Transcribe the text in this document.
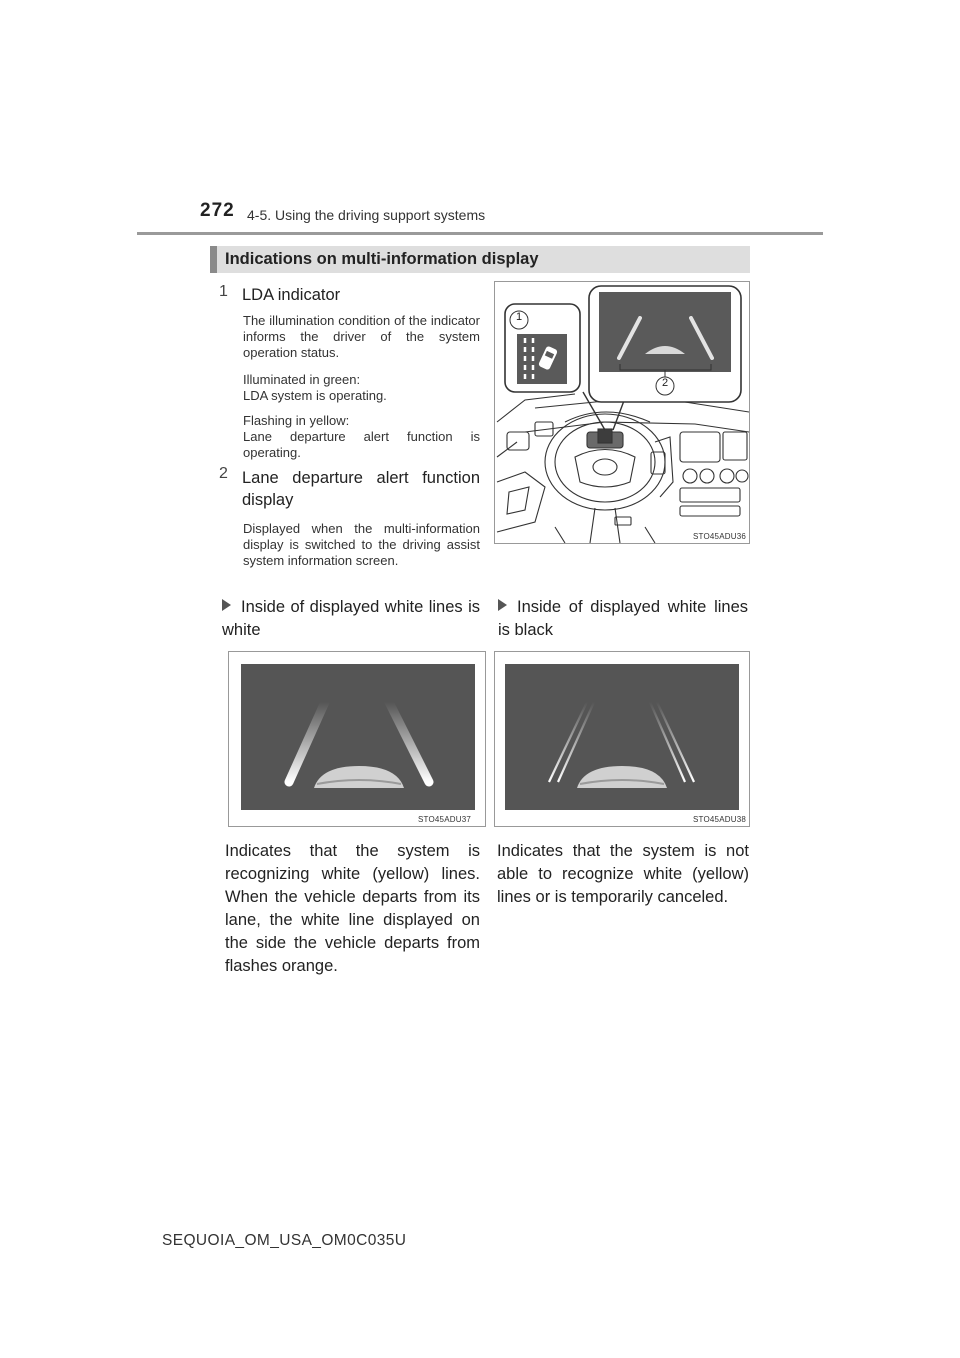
272 4-5. Using the driving support systems
Indications on multi-information display
1 LDA indicator
The illumination condition of the indicator informs the driver of the system operation status.
Illuminated in green:
LDA system is operating.
Flashing in yellow:
Lane departure alert function is operating.
2 Lane departure alert function display
Displayed when the multi-information display is switched to the driving assist system information screen.
1
2
STO45ADU36
Inside of displayed white lines is white
Inside of displayed white lines is black
STO45ADU37	STO45ADU38
Indicates that the system is recognizing white (yellow) lines. When the vehicle departs from its lane, the white line displayed on the side the vehicle departs from flashes orange.
Indicates that the system is not able to recognize white (yellow) lines or is temporarily canceled.
SEQUOIA_OM_USA_OM0C035U
